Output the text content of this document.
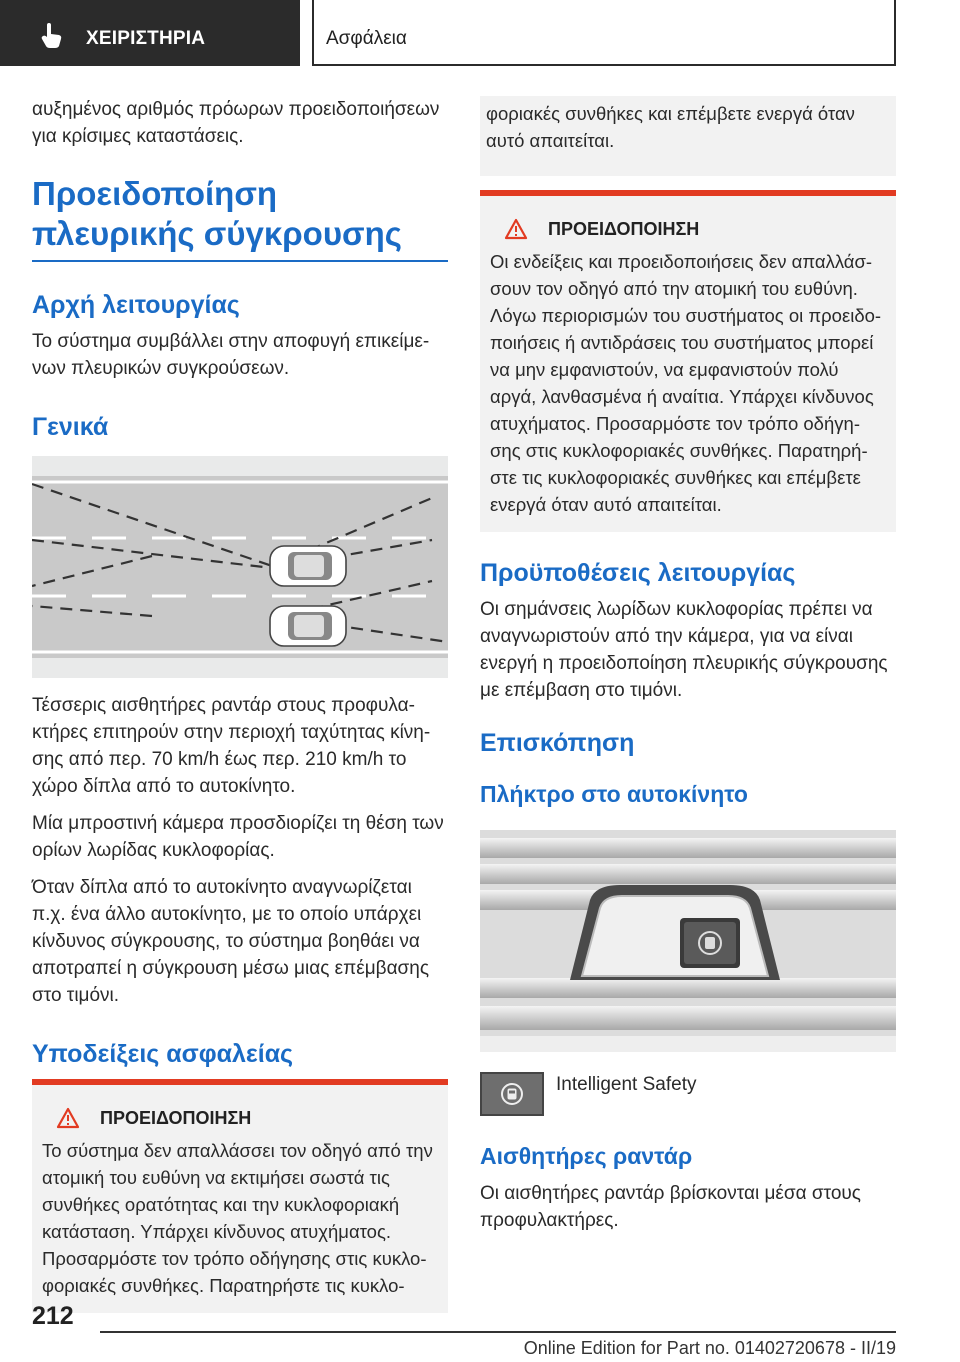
ΧΕΙΡΙΣΤΗΡΙΑ	Ασφάλεια

αυξημένος αριθμός πρόωρων προειδοποιήσεων για κρίσιμες καταστάσεις.

Προειδοποίηση πλευρικής σύγκρουσης
Αρχή λειτουργίας

Το σύστημα συμβάλλει στην αποφυγή επικείμενων πλευρικών συγκρούσεων.

Γενικά

Τέσσερις αισθητήρες ραντάρ στους προφυλακτήρες επιτηρούν στην περιοχή ταχύτητας κίνησης από περ. 70 km/h έως περ. 210 km/h το χώρο δίπλα από το αυτοκίνητο.

Μία μπροστινή κάμερα προσδιορίζει τη θέση των ορίων λωρίδας κυκλοφορίας.

Όταν δίπλα από το αυτοκίνητο αναγνωρίζεται π.χ. ένα άλλο αυτοκίνητο, με το οποίο υπάρχει κίνδυνος σύγκρουσης, το σύστημα βοηθάει να αποτραπεί η σύγκρουση μέσω μιας επέμβασης στο τιμόνι.

Υποδείξεις ασφαλείας
ΠΡΟΕΙΔΟΠΟΙΗΣΗ

Το σύστημα δεν απαλλάσσει τον οδηγό από την ατομική του ευθύνη να εκτιμήσει σωστά τις συνθήκες ορατότητας και την κυκλοφοριακή κατάσταση. Υπάρχει κίνδυνος ατυχήματος. Προσαρμόστε τον τρόπο οδήγησης στις κυκλοφοριακές συνθήκες. Παρατηρήστε τις κυκλο-

φοριακές συνθήκες και επέμβετε ενεργά όταν αυτό απαιτείται.

ΠΡΟΕΙΔΟΠΟΙΗΣΗ

Οι ενδείξεις και προειδοποιήσεις δεν απαλλάσσουν τον οδηγό από την ατομική του ευθύνη. Λόγω περιορισμών του συστήματος οι προειδοποιήσεις ή αντιδράσεις του συστήματος μπορεί να μην εμφανιστούν, να εμφανιστούν πολύ αργά, λανθασμένα ή αναίτια. Υπάρχει κίνδυνος ατυχήματος. Προσαρμόστε τον τρόπο οδήγησης στις κυκλοφοριακές συνθήκες. Παρατηρήστε τις κυκλοφοριακές συνθήκες και επέμβετε ενεργά όταν αυτό απαιτείται.

Προϋποθέσεις λειτουργίας

Οι σημάνσεις λωρίδων κυκλοφορίας πρέπει να αναγνωριστούν από την κάμερα, για να είναι ενεργή η προειδοποίηση πλευρικής σύγκρουσης με επέμβαση στο τιμόνι.

Επισκόπηση
Πλήκτρο στο αυτοκίνητο
Intelligent Safety
Αισθητήρες ραντάρ

Οι αισθητήρες ραντάρ βρίσκονται μέσα στους προφυλακτήρες.

212
Online Edition for Part no. 01402720678 - II/19
